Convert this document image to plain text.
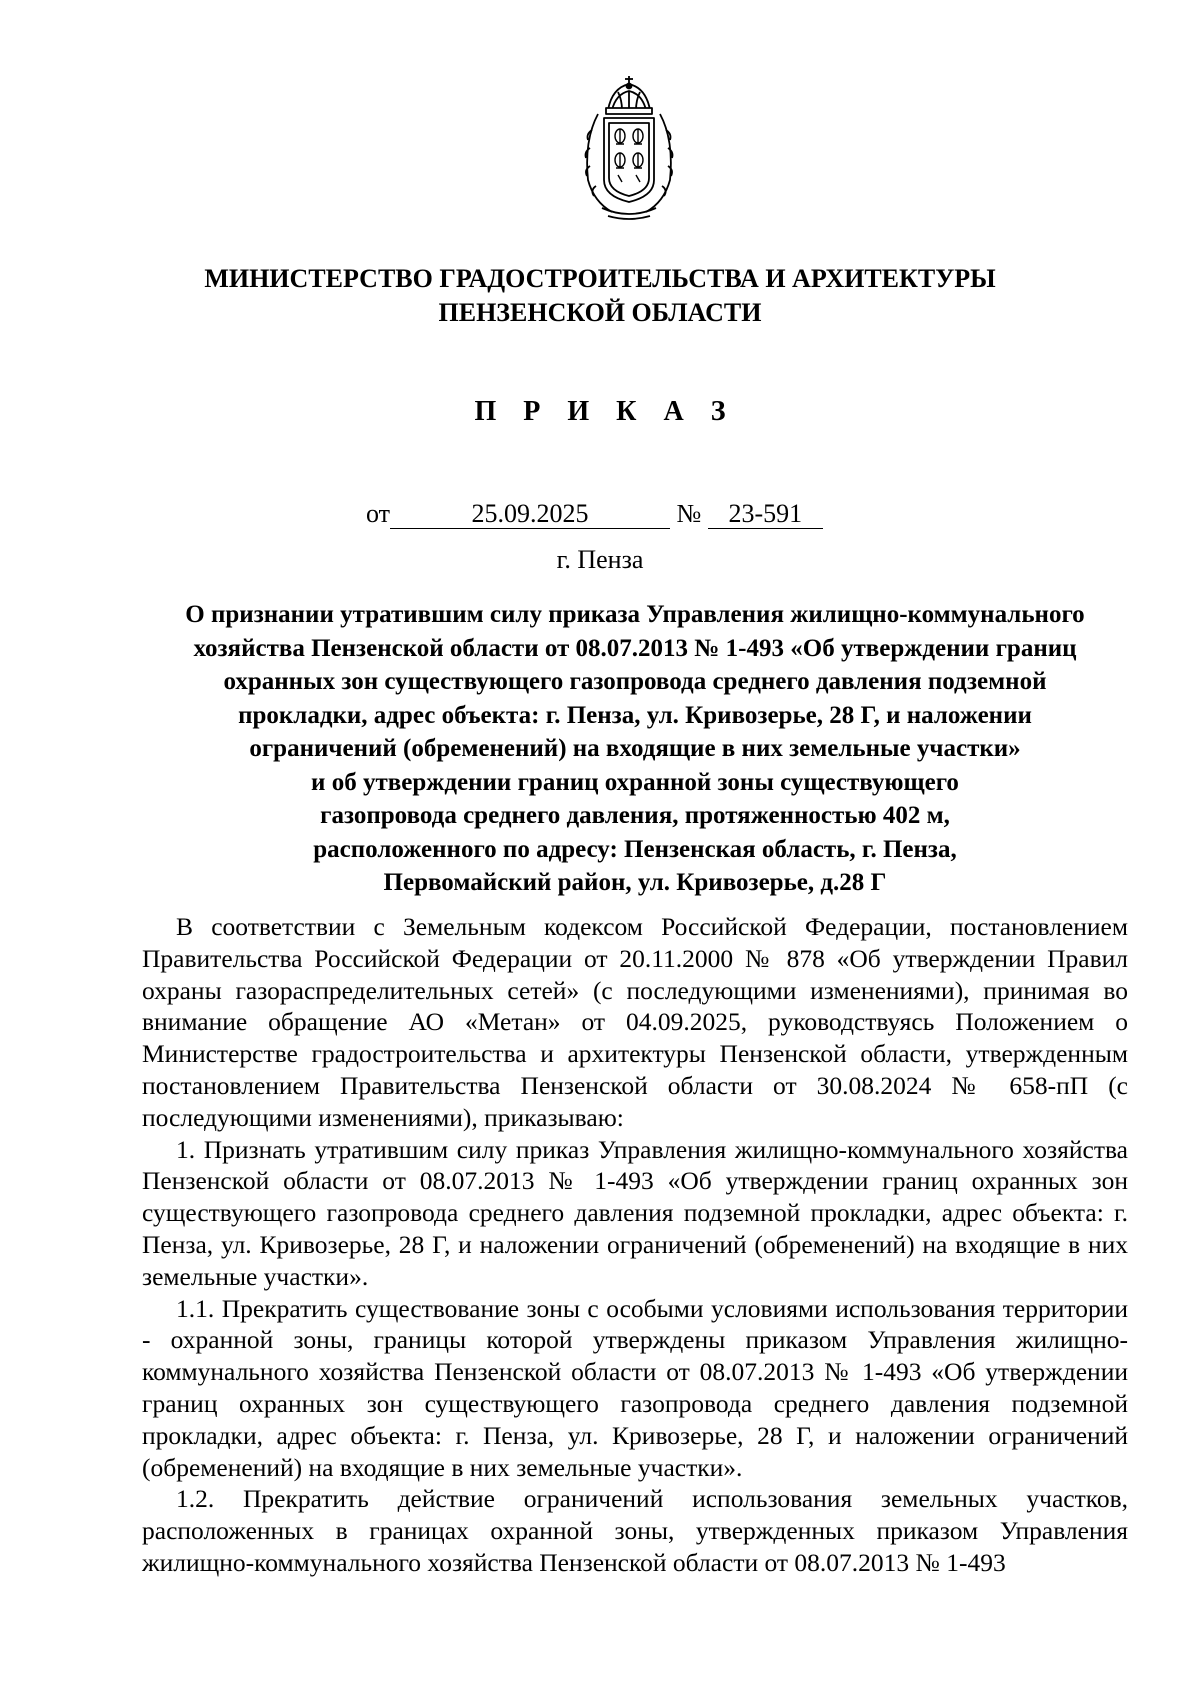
МИНИСТЕРСТВО ГРАДОСТРОИТЕЛЬСТВА И АРХИТЕКТУРЫ
ПЕНЗЕНСКОЙ ОБЛАСТИ
П Р И К А З
от	25.09.2025	№ 23-591
г. Пенза
О признании утратившим силу приказа Управления жилищно-коммунального
хозяйства Пензенской области от 08.07.2013 № 1-493 «Об утверждении границ
охранных зон существующего газопровода среднего давления подземной
прокладки, адрес объекта: г. Пенза, ул. Кривозерье, 28 Г, и наложении
ограничений (обременений) на входящие в них земельные участки»
и об утверждении границ охранной зоны существующего
газопровода среднего давления, протяженностью 402 м,
расположенного по адресу: Пензенская область, г. Пенза,
Первомайский район, ул. Кривозерье, д.28 Г

В соответствии с Земельным кодексом Российской Федерации, постановлением Правительства Российской Федерации от 20.11.2000 № 878 «Об утверждении Правил охраны газораспределительных сетей» (с последующими изменениями), принимая во внимание обращение АО «Метан» от 04.09.2025, руководствуясь Положением о Министерстве градостроительства и архитектуры Пензенской области, утвержденным постановлением Правительства Пензенской области от 30.08.2024 № 658-пП (с последующими изменениями), приказываю:

1. Признать утратившим силу приказ Управления жилищно-коммунального хозяйства Пензенской области от 08.07.2013 № 1-493 «Об утверждении границ охранных зон существующего газопровода среднего давления подземной прокладки, адрес объекта: г. Пенза, ул. Кривозерье, 28 Г, и наложении ограничений (обременений) на входящие в них земельные участки».

1.1. Прекратить существование зоны с особыми условиями использования территории - охранной зоны, границы которой утверждены приказом Управления жилищно-коммунального хозяйства Пензенской области от 08.07.2013 № 1-493 «Об утверждении границ охранных зон существующего газопровода среднего давления подземной прокладки, адрес объекта: г. Пенза, ул. Кривозерье, 28 Г, и наложении ограничений (обременений) на входящие в них земельные участки».

1.2. Прекратить действие ограничений использования земельных участков, расположенных в границах охранной зоны, утвержденных приказом Управления жилищно-коммунального хозяйства Пензенской области от 08.07.2013 № 1-493
